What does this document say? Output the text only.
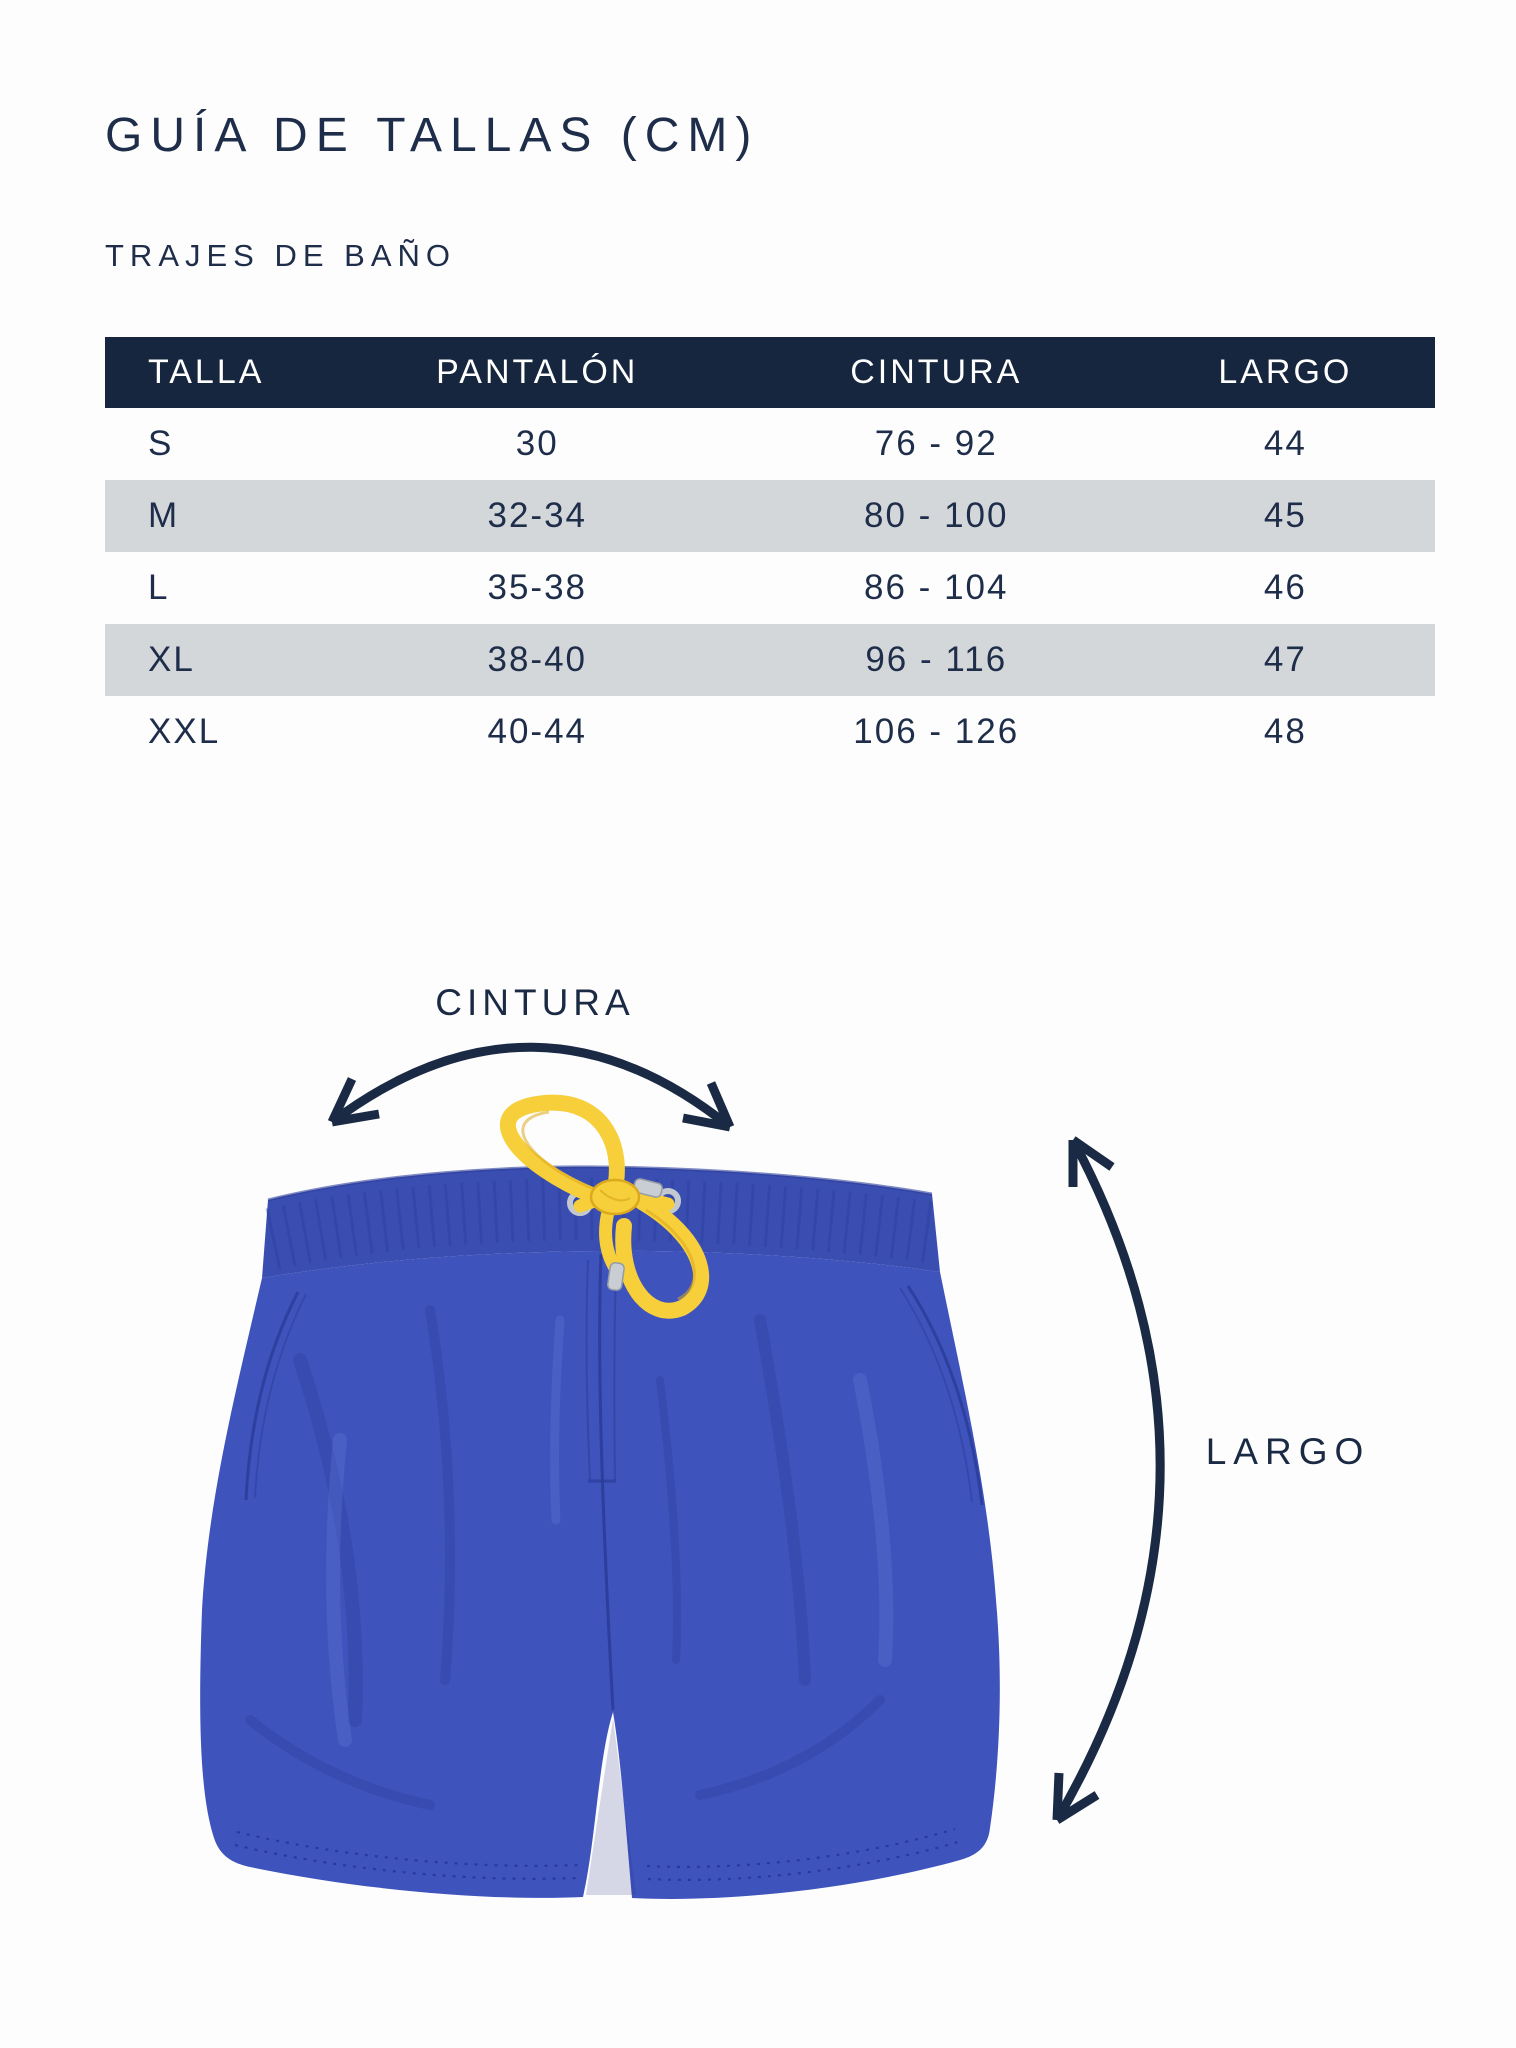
GUÍA DE TALLAS (CM)
TRAJES DE BAÑO
TALLA	PANTALÓN	CINTURA	LARGO
S	30	76 - 92	44
M	32-34	80 - 100	45
L	35-38	86 - 104	46
XL	38-40	96 - 116	47
XXL	40-44	106 - 126	48
CINTURA
LARGO
